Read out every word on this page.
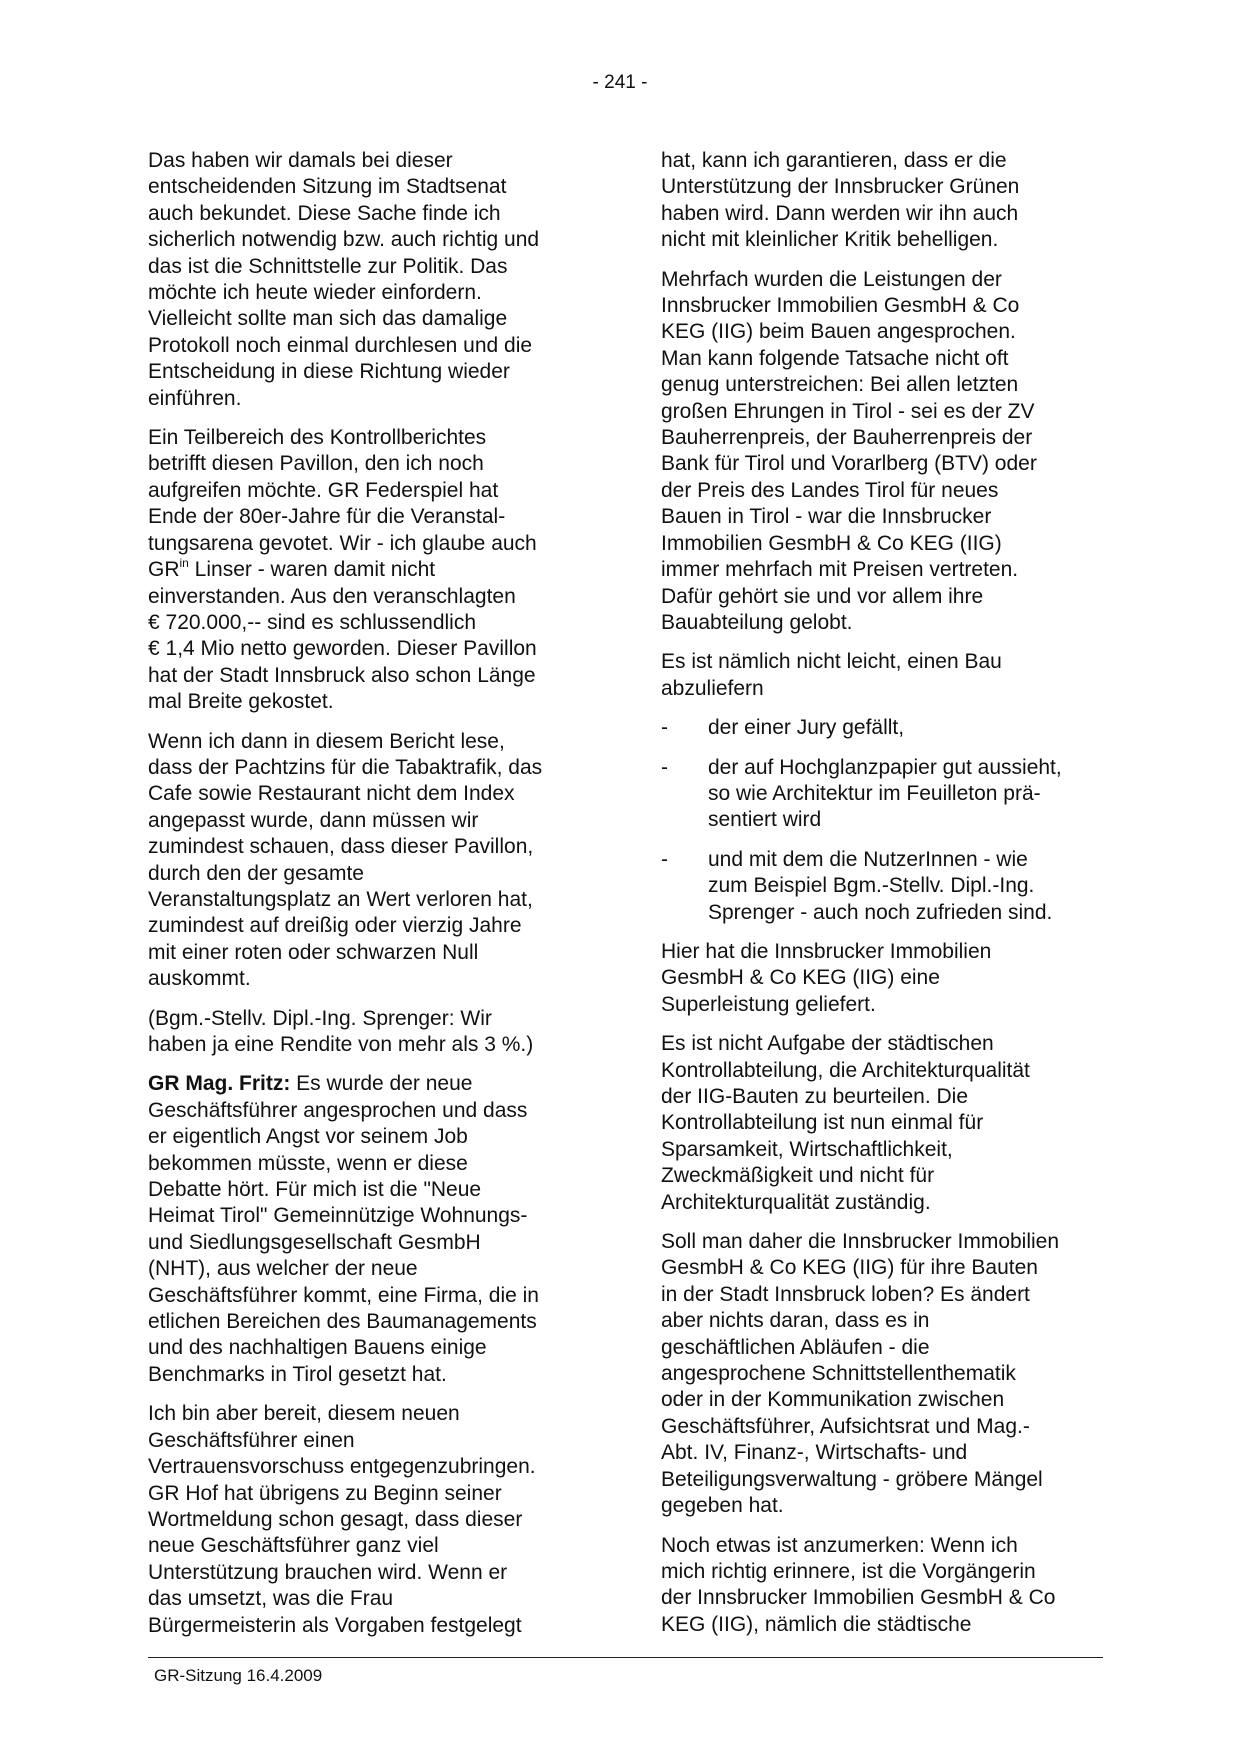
- 241 -

Das haben wir damals bei dieser
entscheidenden Sitzung im Stadtsenat
auch bekundet. Diese Sache finde ich
sicherlich notwendig bzw. auch richtig und
das ist die Schnittstelle zur Politik. Das
möchte ich heute wieder einfordern.
Vielleicht sollte man sich das damalige
Protokoll noch einmal durchlesen und die
Entscheidung in diese Richtung wieder
einführen.

Ein Teilbereich des Kontrollberichtes
betrifft diesen Pavillon, den ich noch
aufgreifen möchte. GR Federspiel hat
Ende der 80er-Jahre für die Veranstal-
tungsarena gevotet. Wir - ich glaube auch
$GR^{in}$ Linser - waren damit nicht
einverstanden. Aus den veranschlagten
€ 720.000,-- sind es schlussendlich
€ 1,4 Mio netto geworden. Dieser Pavillon
hat der Stadt Innsbruck also schon Länge
mal Breite gekostet.

Wenn ich dann in diesem Bericht lese,
dass der Pachtzins für die Tabaktrafik, das
Cafe sowie Restaurant nicht dem Index
angepasst wurde, dann müssen wir
zumindest schauen, dass dieser Pavillon,
durch den der gesamte
Veranstaltungsplatz an Wert verloren hat,
zumindest auf dreißig oder vierzig Jahre
mit einer roten oder schwarzen Null
auskommt.

(Bgm.-Stellv. Dipl.-Ing. Sprenger: Wir
haben ja eine Rendite von mehr als 3 %.)

GR Mag. Fritz: Es wurde der neue
Geschäftsführer angesprochen und dass
er eigentlich Angst vor seinem Job
bekommen müsste, wenn er diese
Debatte hört. Für mich ist die "Neue
Heimat Tirol" Gemeinnützige Wohnungs-
und Siedlungsgesellschaft GesmbH
(NHT), aus welcher der neue
Geschäftsführer kommt, eine Firma, die in
etlichen Bereichen des Baumanagements
und des nachhaltigen Bauens einige
Benchmarks in Tirol gesetzt hat.

Ich bin aber bereit, diesem neuen
Geschäftsführer einen
Vertrauensvorschuss entgegenzubringen.
GR Hof hat übrigens zu Beginn seiner
Wortmeldung schon gesagt, dass dieser
neue Geschäftsführer ganz viel
Unterstützung brauchen wird. Wenn er
das umsetzt, was die Frau
Bürgermeisterin als Vorgaben festgelegt

hat, kann ich garantieren, dass er die
Unterstützung der Innsbrucker Grünen
haben wird. Dann werden wir ihn auch
nicht mit kleinlicher Kritik behelligen.

Mehrfach wurden die Leistungen der
Innsbrucker Immobilien GesmbH & Co
KEG (IIG) beim Bauen angesprochen.
Man kann folgende Tatsache nicht oft
genug unterstreichen: Bei allen letzten
großen Ehrungen in Tirol - sei es der ZV
Bauherrenpreis, der Bauherrenpreis der
Bank für Tirol und Vorarlberg (BTV) oder
der Preis des Landes Tirol für neues
Bauen in Tirol - war die Innsbrucker
Immobilien GesmbH & Co KEG (IIG)
immer mehrfach mit Preisen vertreten.
Dafür gehört sie und vor allem ihre
Bauabteilung gelobt.

Es ist nämlich nicht leicht, einen Bau
abzuliefern

- der einer Jury gefällt,
- der auf Hochglanzpapier gut aussieht,
so wie Architektur im Feuilleton prä-
sentiert wird
- und mit dem die NutzerInnen - wie
zum Beispiel Bgm.-Stellv. Dipl.-Ing.
Sprenger - auch noch zufrieden sind.

Hier hat die Innsbrucker Immobilien
GesmbH & Co KEG (IIG) eine
Superleistung geliefert.

Es ist nicht Aufgabe der städtischen
Kontrollabteilung, die Architekturqualität
der IIG-Bauten zu beurteilen. Die
Kontrollabteilung ist nun einmal für
Sparsamkeit, Wirtschaftlichkeit,
Zweckmäßigkeit und nicht für
Architekturqualität zuständig.

Soll man daher die Innsbrucker Immobilien
GesmbH & Co KEG (IIG) für ihre Bauten
in der Stadt Innsbruck loben? Es ändert
aber nichts daran, dass es in
geschäftlichen Abläufen - die
angesprochene Schnittstellenthematik
oder in der Kommunikation zwischen
Geschäftsführer, Aufsichtsrat und Mag.-
Abt. IV, Finanz-, Wirtschafts- und
Beteiligungsverwaltung - gröbere Mängel
gegeben hat.

Noch etwas ist anzumerken: Wenn ich
mich richtig erinnere, ist die Vorgängerin
der Innsbrucker Immobilien GesmbH & Co
KEG (IIG), nämlich die städtische

GR-Sitzung 16.4.2009
